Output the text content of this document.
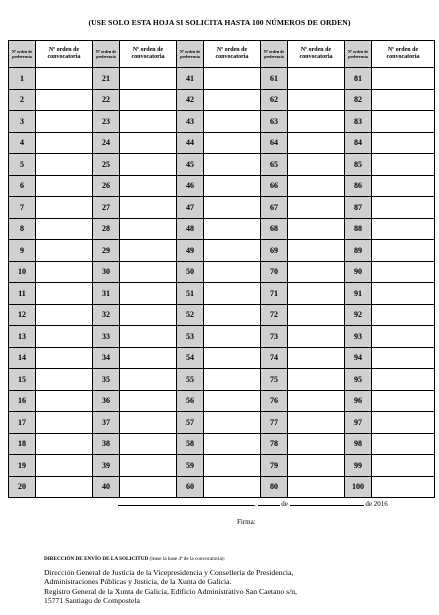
(USE SOLO ESTA HOJA SI SOLICITA HASTA 100 NÚMEROS DE ORDEN)
Nº orden de preferencia	Nº orden de convocatoria	Nº orden de preferencia	Nº orden de convocatoria	Nº orden de preferencia	Nº orden de convocatoria	Nº orden de preferencia	Nº orden de convocatoria	Nº orden de preferencia	Nº orden de convocatoria
1		21		41		61		81	
2		22		42		62		82	
3		23		43		63		83	
4		24		44		64		84	
5		25		45		65		85	
6		26		46		66		86	
7		27		47		67		87	
8		28		48		68		88	
9		29		49		69		89	
10		30		50		70		90	
11		31		51		71		91	
12		32		52		72		92	
13		33		53		73		93	
14		34		54		74		94	
15		35		55		75		95	
16		36		56		76		96	
17		37		57		77		97	
18		38		58		78		98	
19		39		59		79		99	
20		40		60		80		100	
,	de	de 2016
Firma:
DIRECCIÓN DE ENVÍO DE LA SOLICITUD (lease la base 4ª de la convocatoria):
Dirección General de Justicia de la Vicepresidencia y Consellería de Presidencia,
Administraciones Públicas y Justicia, de la Xunta de Galicia.
Registro General de la Xunta de Galicia, Edificio Administrativo San Caetano s/n,
15771 Santiago de Compostela
